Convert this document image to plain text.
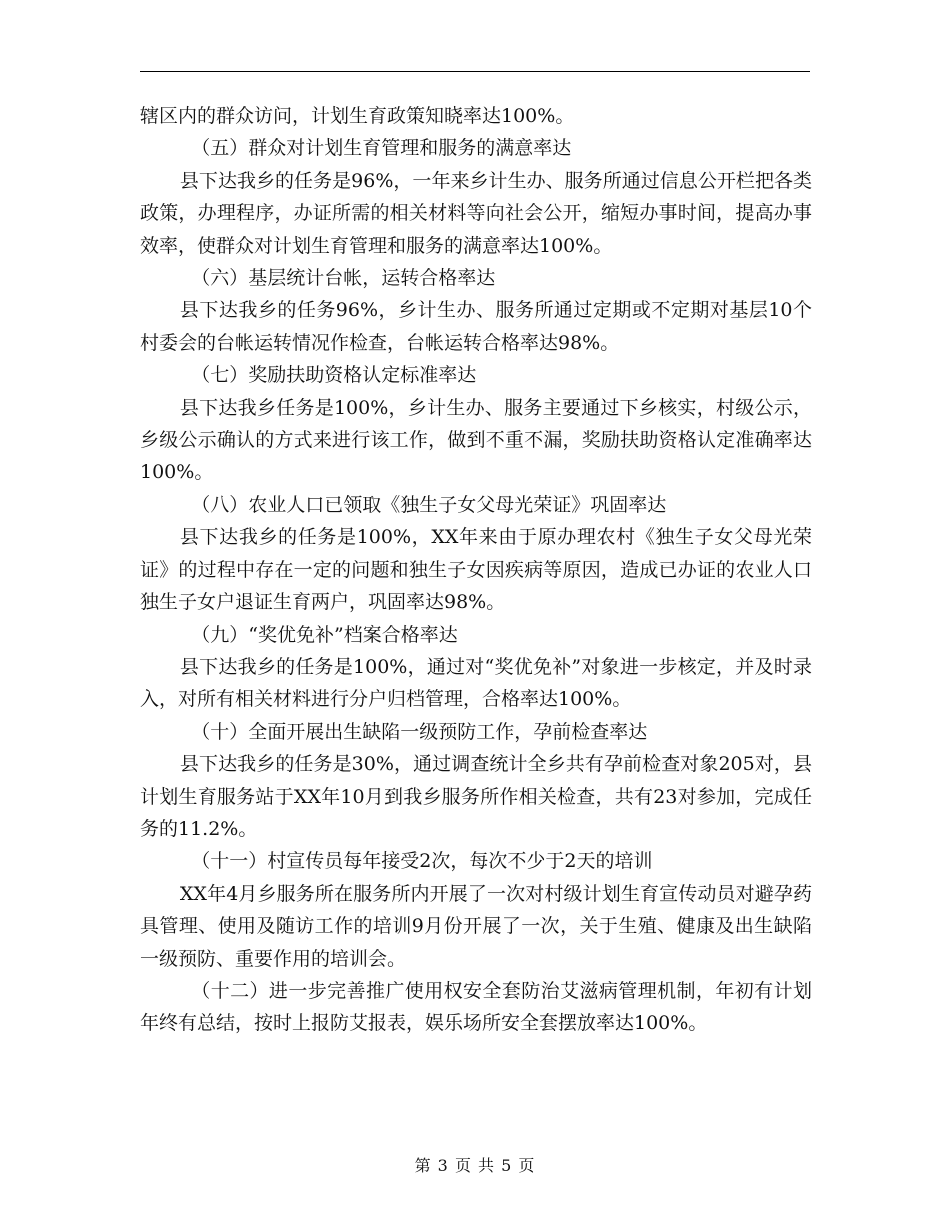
辖区内的群众访问，计划生育政策知晓率达100%。

（五）群众对计划生育管理和服务的满意率达

县下达我乡的任务是96%，一年来乡计生办、服务所通过信息公开栏把各类政策，办理程序，办证所需的相关材料等向社会公开，缩短办事时间，提高办事效率，使群众对计划生育管理和服务的满意率达100%。

（六）基层统计台帐，运转合格率达

县下达我乡的任务96%，乡计生办、服务所通过定期或不定期对基层10个村委会的台帐运转情况作检查，台帐运转合格率达98%。

（七）奖励扶助资格认定标准率达

县下达我乡任务是100%，乡计生办、服务主要通过下乡核实，村级公示，乡级公示确认的方式来进行该工作，做到不重不漏，奖励扶助资格认定准确率达100%。

（八）农业人口已领取《独生子女父母光荣证》巩固率达

县下达我乡的任务是100%，XX年来由于原办理农村《独生子女父母光荣证》的过程中存在一定的问题和独生子女因疾病等原因，造成已办证的农业人口独生子女户退证生育两户，巩固率达98%。

（九）“奖优免补”档案合格率达

县下达我乡的任务是100%，通过对“奖优免补”对象进一步核定，并及时录入，对所有相关材料进行分户归档管理，合格率达100%。

（十）全面开展出生缺陷一级预防工作，孕前检查率达

县下达我乡的任务是30%，通过调查统计全乡共有孕前检查对象205对，县计划生育服务站于XX年10月到我乡服务所作相关检查，共有23对参加，完成任务的11.2%。

（十一）村宣传员每年接受2次，每次不少于2天的培训

XX年4月乡服务所在服务所内开展了一次对村级计划生育宣传动员对避孕药具管理、使用及随访工作的培训9月份开展了一次，关于生殖、健康及出生缺陷一级预防、重要作用的培训会。

（十二）进一步完善推广使用权安全套防治艾滋病管理机制，年初有计划年终有总结，按时上报防艾报表，娱乐场所安全套摆放率达100%。

第 3 页 共 5 页
